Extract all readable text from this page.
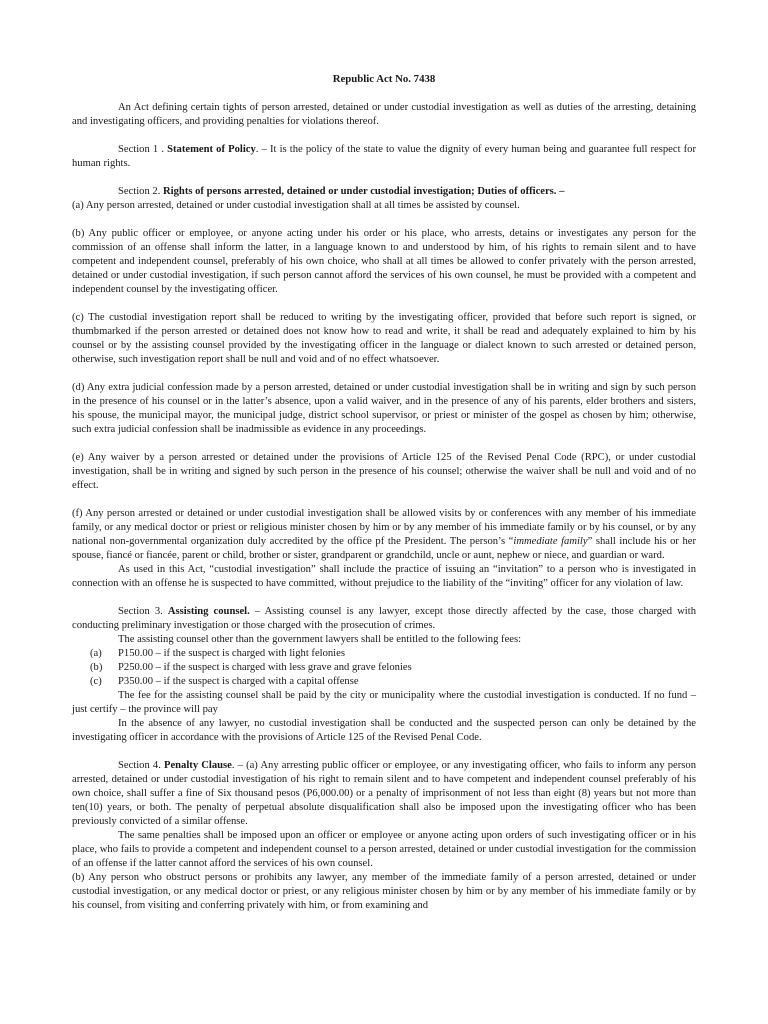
Republic Act No. 7438

An Act defining certain tights of person arrested, detained or under custodial investigation as well as duties of the arresting, detaining and investigating officers, and providing penalties for violations thereof.

Section 1 . Statement of Policy. – It is the policy of the state to value the dignity of every human being and guarantee full respect for human rights.

Section 2. Rights of persons arrested, detained or under custodial investigation; Duties of officers. –

(a) Any person arrested, detained or under custodial investigation shall at all times be assisted by counsel.

(b) Any public officer or employee, or anyone acting under his order or his place, who arrests, detains or investigates any person for the commission of an offense shall inform the latter, in a language known to and understood by him, of his rights to remain silent and to have competent and independent counsel, preferably of his own choice, who shall at all times be allowed to confer privately with the person arrested, detained or under custodial investigation, if such person cannot afford the services of his own counsel, he must be provided with a competent and independent counsel by the investigating officer.

(c) The custodial investigation report shall be reduced to writing by the investigating officer, provided that before such report is signed, or thumbmarked if the person arrested or detained does not know how to read and write, it shall be read and adequately explained to him by his counsel or by the assisting counsel provided by the investigating officer in the language or dialect known to such arrested or detained person, otherwise, such investigation report shall be null and void and of no effect whatsoever.

(d) Any extra judicial confession made by a person arrested, detained or under custodial investigation shall be in writing and sign by such person in the presence of his counsel or in the latter’s absence, upon a valid waiver, and in the presence of any of his parents, elder brothers and sisters, his spouse, the municipal mayor, the municipal judge, district school supervisor, or priest or minister of the gospel as chosen by him; otherwise, such extra judicial confession shall be inadmissible as evidence in any proceedings.

(e) Any waiver by a person arrested or detained under the provisions of Article 125 of the Revised Penal Code (RPC), or under custodial investigation, shall be in writing and signed by such person in the presence of his counsel; otherwise the waiver shall be null and void and of no effect.

(f) Any person arrested or detained or under custodial investigation shall be allowed visits by or conferences with any member of his immediate family, or any medical doctor or priest or religious minister chosen by him or by any member of his immediate family or by his counsel, or by any national non-governmental organization duly accredited by the office pf the President. The person’s “immediate family” shall include his or her spouse, fiancé or fiancée, parent or child, brother or sister, grandparent or grandchild, uncle or aunt, nephew or niece, and guardian or ward.

As used in this Act, “custodial investigation” shall include the practice of issuing an “invitation” to a person who is investigated in connection with an offense he is suspected to have committed, without prejudice to the liability of the “inviting” officer for any violation of law.

Section 3. Assisting counsel. – Assisting counsel is any lawyer, except those directly affected by the case, those charged with conducting preliminary investigation or those charged with the prosecution of crimes.

The assisting counsel other than the government lawyers shall be entitled to the following fees:

(a)	P150.00 – if the suspect is charged with light felonies
(b)	P250.00 – if the suspect is charged with less grave and grave felonies
(c)	P350.00 – if the suspect is charged with a capital offense

The fee for the assisting counsel shall be paid by the city or municipality where the custodial investigation is conducted. If no fund – just certify – the province will pay

In the absence of any lawyer, no custodial investigation shall be conducted and the suspected person can only be detained by the investigating officer in accordance with the provisions of Article 125 of the Revised Penal Code.

Section 4. Penalty Clause. – (a) Any arresting public officer or employee, or any investigating officer, who fails to inform any person arrested, detained or under custodial investigation of his right to remain silent and to have competent and independent counsel preferably of his own choice, shall suffer a fine of Six thousand pesos (P6,000.00) or a penalty of imprisonment of not less than eight (8) years but not more than ten(10) years, or both. The penalty of perpetual absolute disqualification shall also be imposed upon the investigating officer who has been previously convicted of a similar offense.

The same penalties shall be imposed upon an officer or employee or anyone acting upon orders of such investigating officer or in his place, who fails to provide a competent and independent counsel to a person arrested, detained or under custodial investigation for the commission of an offense if the latter cannot afford the services of his own counsel.

(b) Any person who obstruct persons or prohibits any lawyer, any member of the immediate family of a person arrested, detained or under custodial investigation, or any medical doctor or priest, or any religious minister chosen by him or by any member of his immediate family or by his counsel, from visiting and conferring privately with him, or from examining and
